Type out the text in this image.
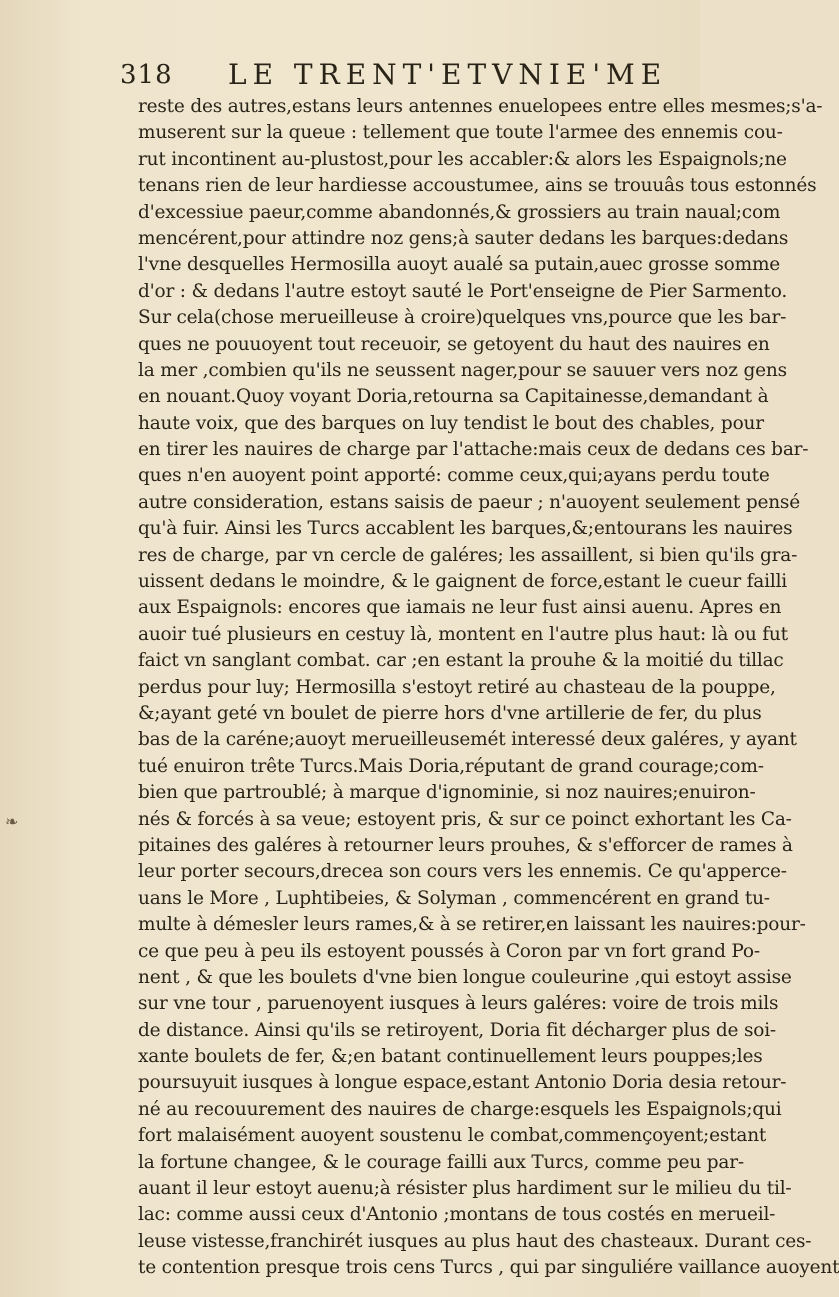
❧
318 LE TRENT'ETVNIE'ME
reste des autres,estans leurs antennes enuelopees entre elles mesmes;s'a-
muserent sur la queue : tellement que toute l'armee des ennemis cou-
rut incontinent au-plustost,pour les accabler:& alors les Espaignols;ne
tenans rien de leur hardiesse accoustumee, ains se trouuâs tous estonnés
d'excessiue paeur,comme abandonnés,& grossiers au train naual;com
mencérent,pour attindre noz gens;à sauter dedans les barques:dedans
l'vne desquelles Hermosilla auoyt aualé sa putain,auec grosse somme
d'or : & dedans l'autre estoyt sauté le Port'enseigne de Pier Sarmento.
Sur cela(chose merueilleuse à croire)quelques vns,pource que les bar-
ques ne pouuoyent tout receuoir, se getoyent du haut des nauires en
la mer ,combien qu'ils ne seussent nager,pour se sauuer vers noz gens
en nouant.Quoy voyant Doria,retourna sa Capitainesse,demandant à
haute voix, que des barques on luy tendist le bout des chables, pour
en tirer les nauires de charge par l'attache:mais ceux de dedans ces bar-
ques n'en auoyent point apporté: comme ceux,qui;ayans perdu toute
autre consideration, estans saisis de paeur ; n'auoyent seulement pensé
qu'à fuir. Ainsi les Turcs accablent les barques,&;entourans les nauires
res de charge, par vn cercle de galéres; les assaillent, si bien qu'ils gra-
uissent dedans le moindre, & le gaignent de force,estant le cueur failli
aux Espaignols: encores que iamais ne leur fust ainsi auenu. Apres en
auoir tué plusieurs en cestuy là, montent en l'autre plus haut: là ou fut
faict vn sanglant combat. car ;en estant la prouhe & la moitié du tillac
perdus pour luy; Hermosilla s'estoyt retiré au chasteau de la pouppe,
&;ayant geté vn boulet de pierre hors d'vne artillerie de fer, du plus
bas de la caréne;auoyt merueilleusemét interessé deux galéres, y ayant
tué enuiron trête Turcs.Mais Doria,réputant de grand courage;com-
bien que partroublé; à marque d'ignominie, si noz nauires;enuiron-
nés & forcés à sa veue; estoyent pris, & sur ce poinct exhortant les Ca-
pitaines des galéres à retourner leurs prouhes, & s'efforcer de rames à
leur porter secours,drecea son cours vers les ennemis. Ce qu'apperce-
uans le More , Luphtibeies, & Solyman , commencérent en grand tu-
multe à démesler leurs rames,& à se retirer,en laissant les nauires:pour-
ce que peu à peu ils estoyent poussés à Coron par vn fort grand Po-
nent , & que les boulets d'vne bien longue couleurine ,qui estoyt assise
sur vne tour , paruenoyent iusques à leurs galéres: voire de trois mils
de distance. Ainsi qu'ils se retiroyent, Doria fit décharger plus de soi-
xante boulets de fer, &;en batant continuellement leurs pouppes;les
poursuyuit iusques à longue espace,estant Antonio Doria desia retour-
né au recouurement des nauires de charge:esquels les Espaignols;qui
fort malaisément auoyent soustenu le combat,commençoyent;estant
la fortune changee, & le courage failli aux Turcs, comme peu par-
auant il leur estoyt auenu;à résister plus hardiment sur le milieu du til-
lac: comme aussi ceux d'Antonio ;montans de tous costés en merueil-
leuse vistesse,franchirét iusques au plus haut des chasteaux. Durant ces-
te contention presque trois cens Turcs , qui par singuliére vaillance auoyent
